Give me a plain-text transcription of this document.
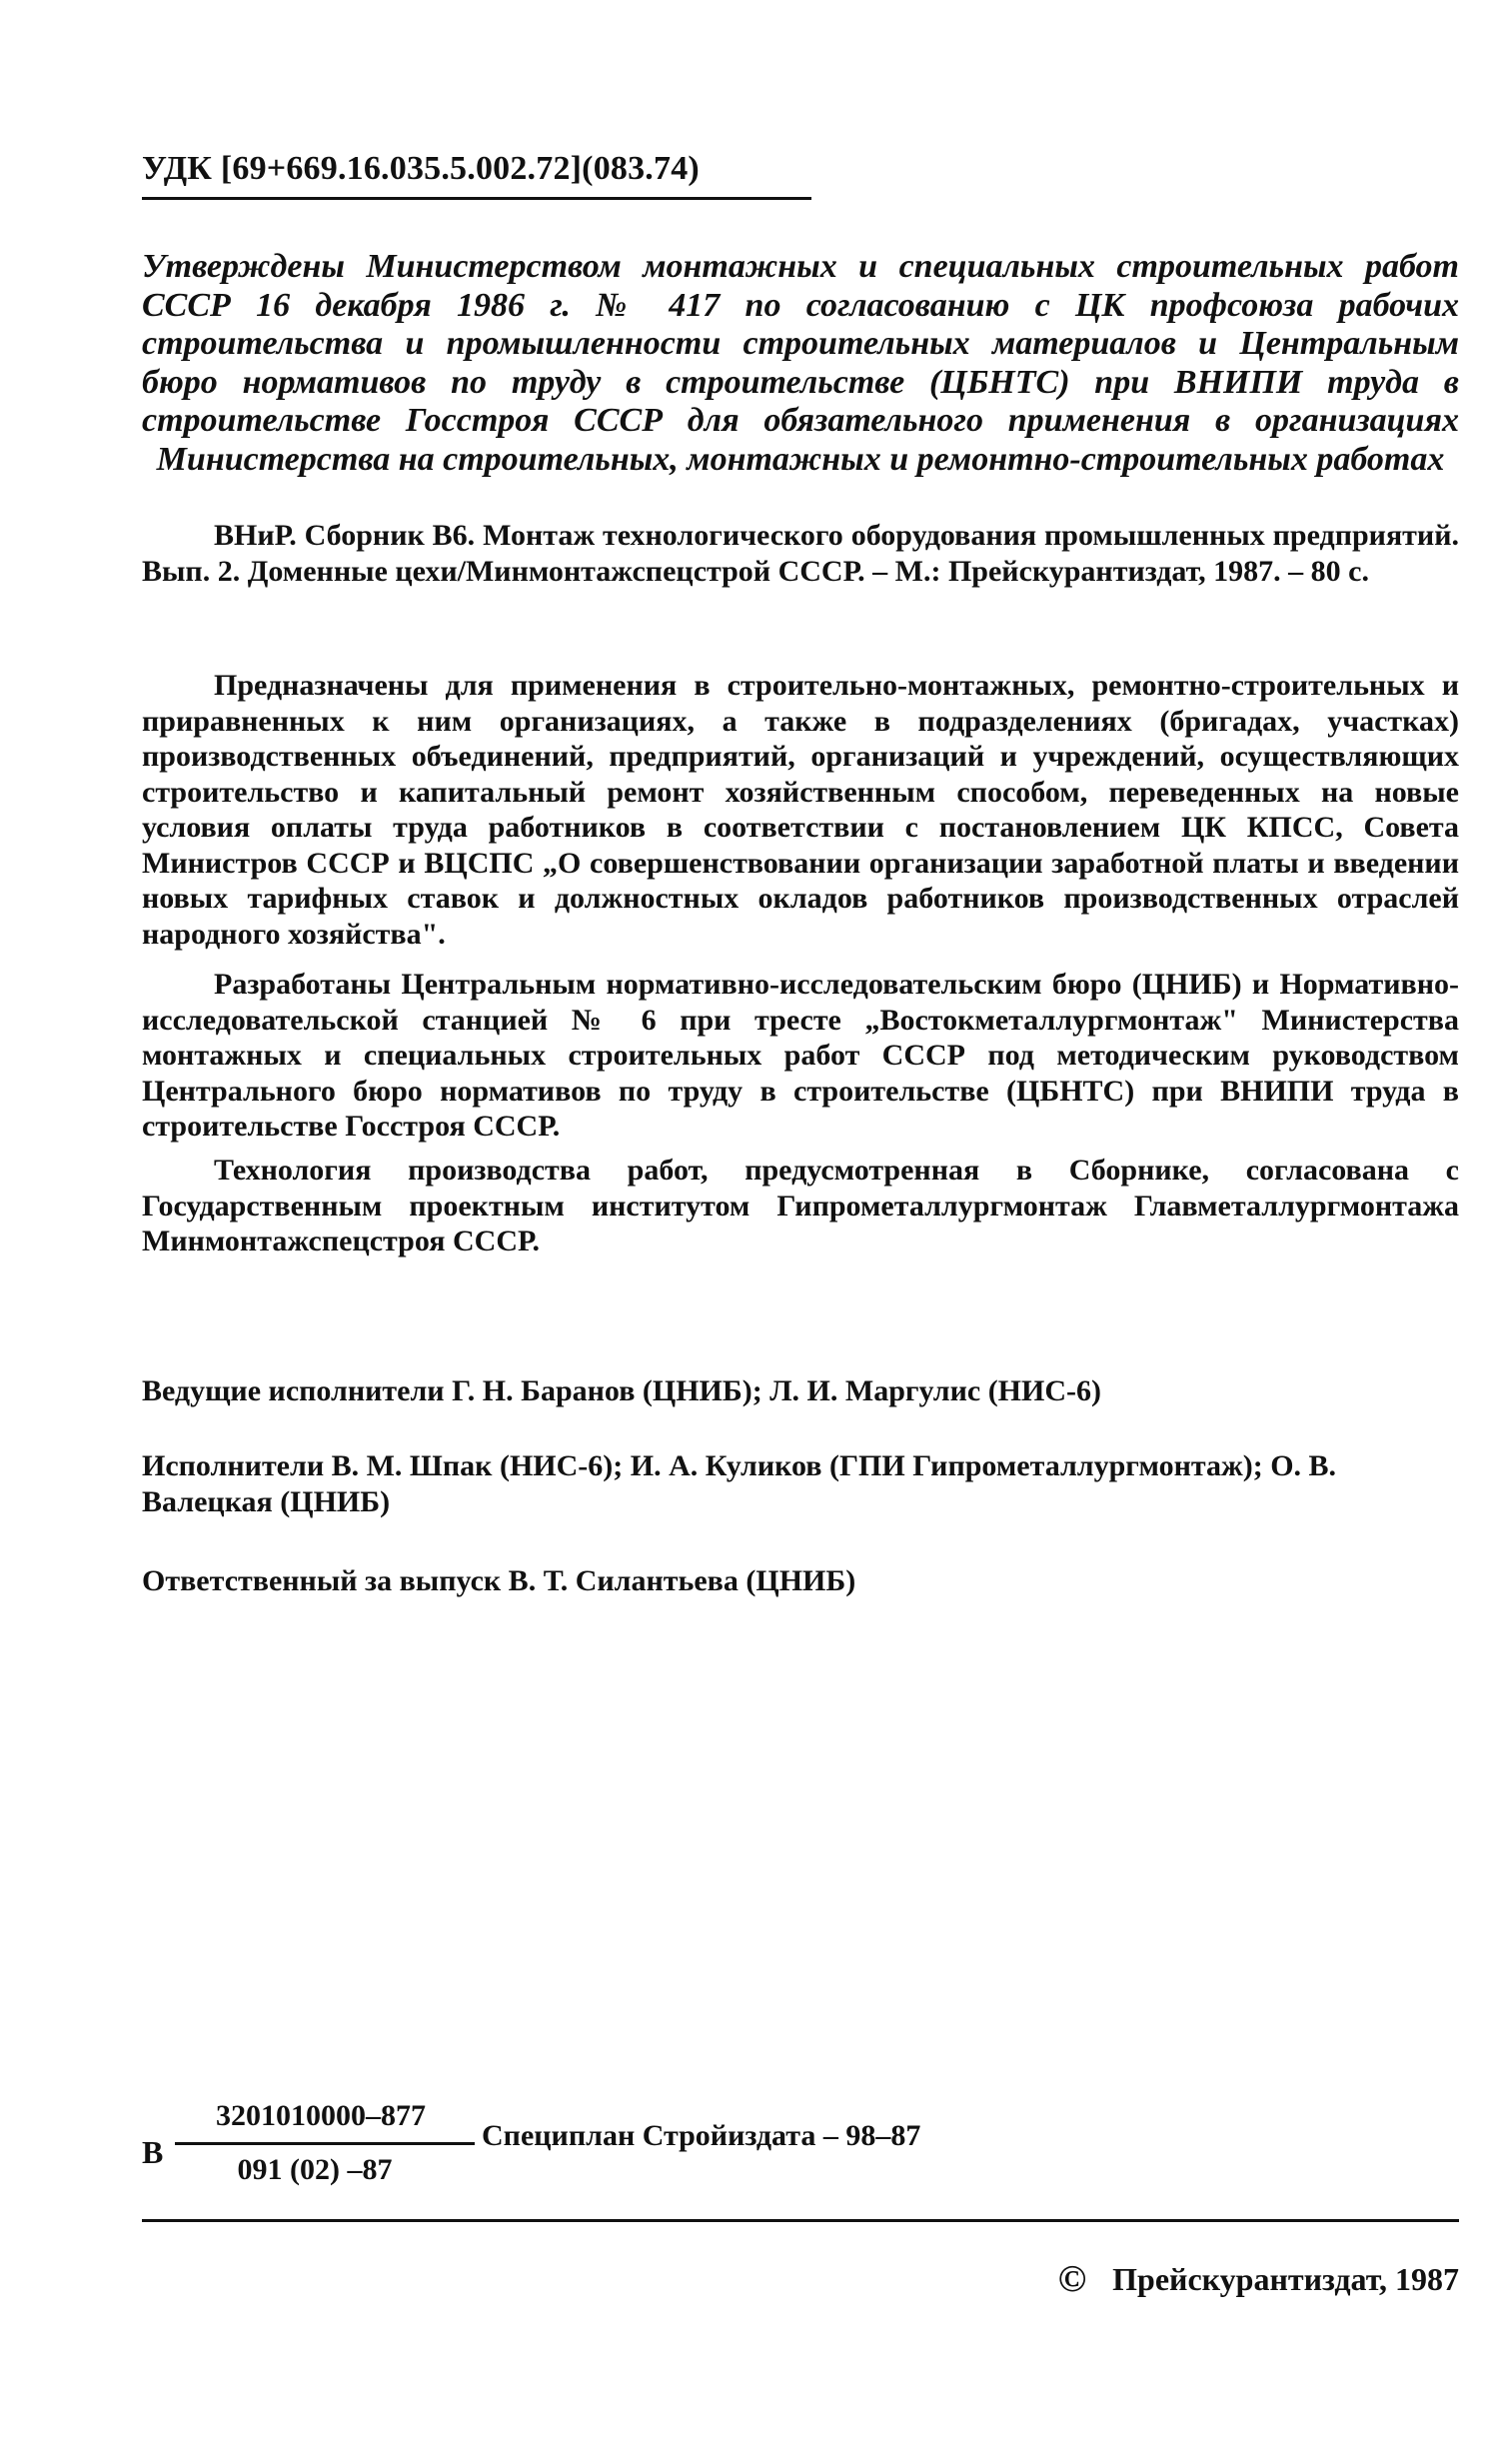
УДК [69+669.16.035.5.002.72](083.74)
Утверждены Министерством монтажных и специальных строительных работ СССР 16 декабря 1986 г. № 417 по согласованию с ЦК профсоюза рабочих строительства и промышленности строительных материалов и Центральным бюро нормативов по труду в строительстве (ЦБНТС) при ВНИПИ труда в строительстве Госстроя СССР для обязательного применения в организациях Министерства на строительных, монтажных и ремонтно-строительных работах
ВНиР. Сборник В6. Монтаж технологического оборудования промышленных предприятий. Вып. 2. Доменные цехи/Минмонтажспецстрой СССР. – М.: Прейскурантиздат, 1987. – 80 с.
Предназначены для применения в строительно-монтажных, ремонтно-строительных и приравненных к ним организациях, а также в подразделениях (бригадах, участках) производственных объединений, предприятий, организаций и учреждений, осуществляющих строительство и капитальный ремонт хозяйственным способом, переведенных на новые условия оплаты труда работников в соответствии с постановлением ЦК КПСС, Совета Министров СССР и ВЦСПС „О совершенствовании организации заработной платы и введении новых тарифных ставок и должностных окладов работников производственных отраслей народного хозяйства".
Разработаны Центральным нормативно-исследовательским бюро (ЦНИБ) и Нормативно-исследовательской станцией № 6 при тресте „Востокметаллургмонтаж" Министерства монтажных и специальных строительных работ СССР под методическим руководством Центрального бюро нормативов по труду в строительстве (ЦБНТС) при ВНИПИ труда в строительстве Госстроя СССР.
Технология производства работ, предусмотренная в Сборнике, согласована с Государственным проектным институтом Гипрометаллургмонтаж Главметаллургмонтажа Минмонтажспецстроя СССР.
Ведущие исполнители Г. Н. Баранов (ЦНИБ); Л. И. Маргулис (НИС-6)
Исполнители В. М. Шпак (НИС-6); И. А. Куликов (ГПИ Гипрометаллургмонтаж); О. В. Валецкая (ЦНИБ)
Ответственный за выпуск В. Т. Силантьева (ЦНИБ)
В
3201010000–877
091 (02) –87
Специплан Стройиздата – 98–87
© Прейскурантиздат, 1987
